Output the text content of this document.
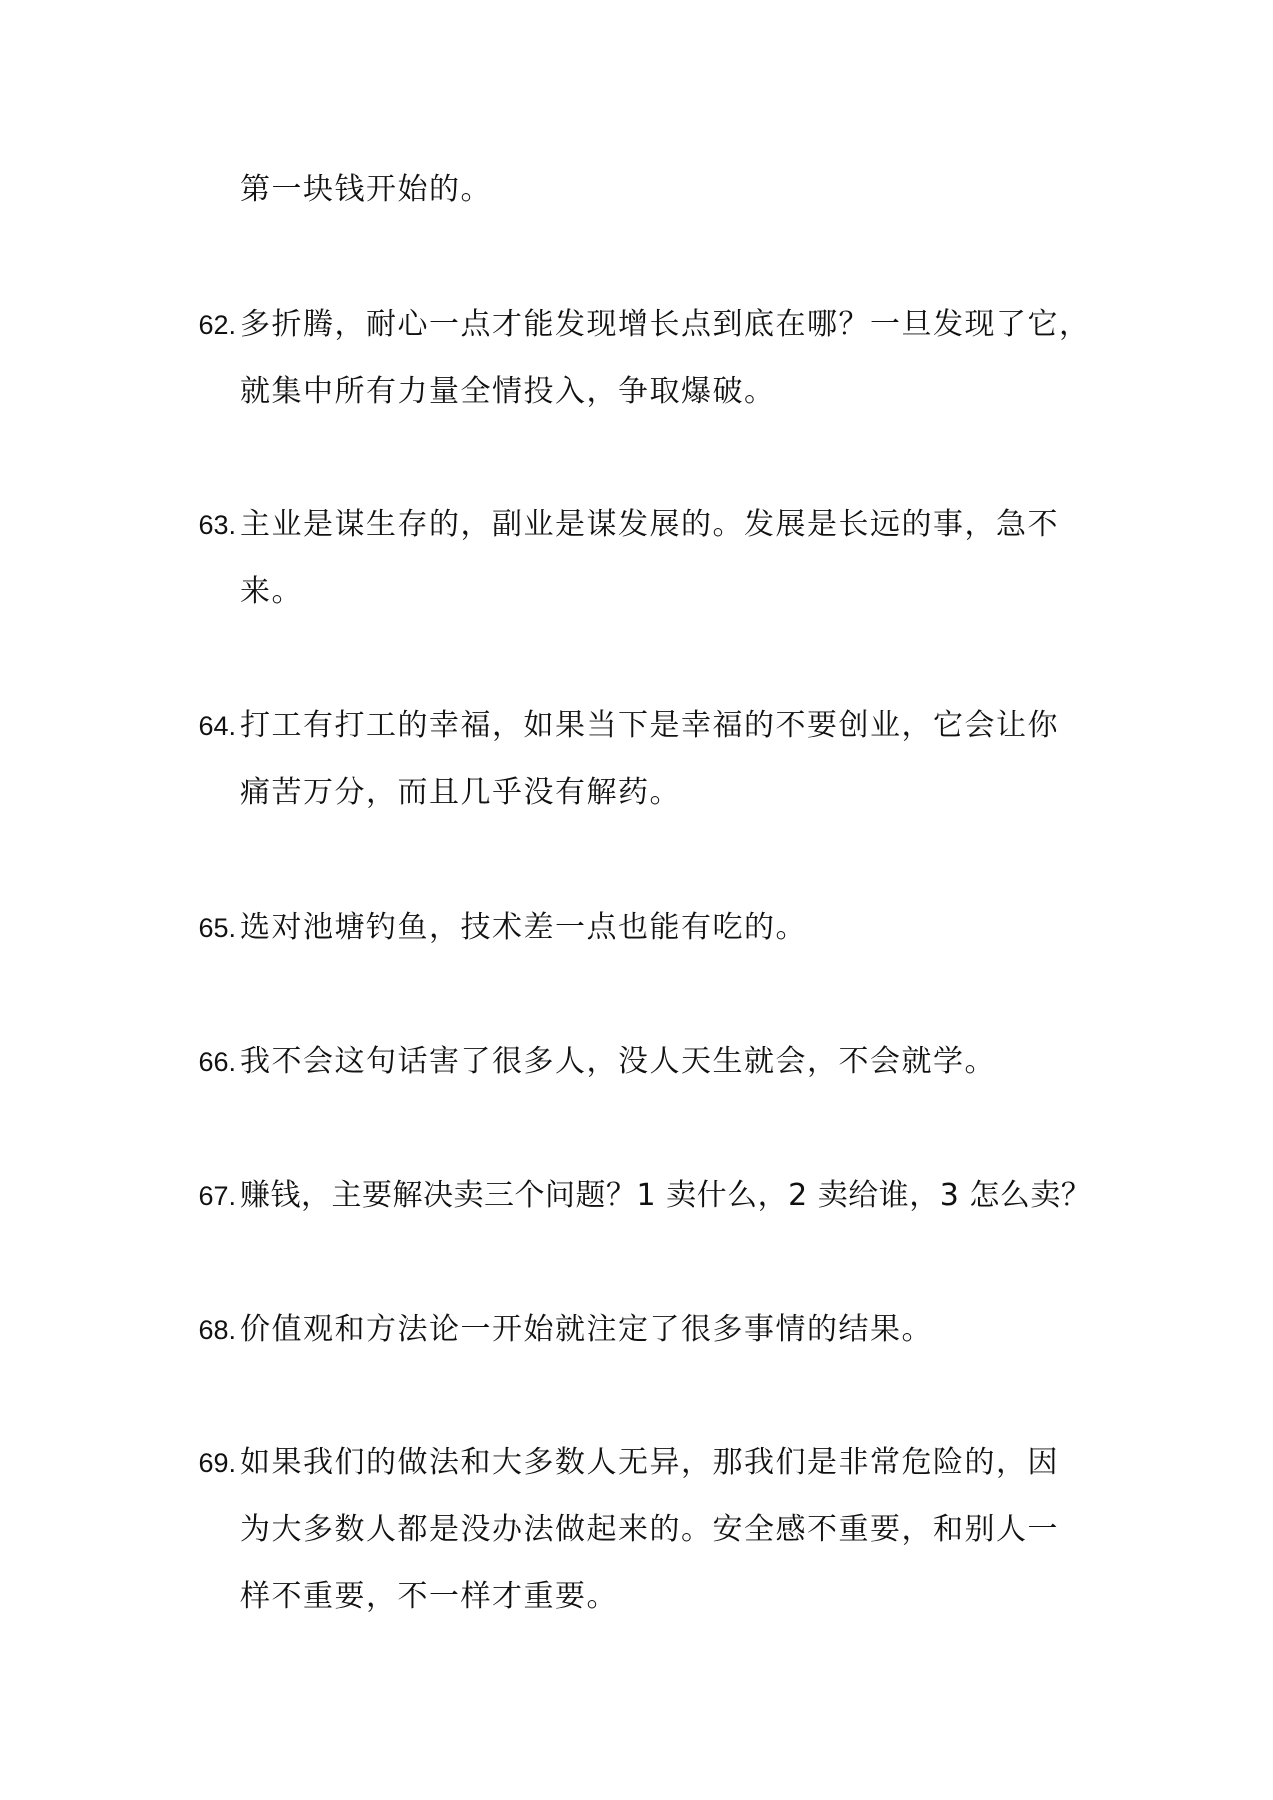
第一块钱开始的。
62. 多折腾，耐心一点才能发现增长点到底在哪？一旦发现了它，
就集中所有力量全情投入，争取爆破。
63. 主业是谋生存的，副业是谋发展的。发展是长远的事，急不
来。
64. 打工有打工的幸福，如果当下是幸福的不要创业，它会让你
痛苦万分，而且几乎没有解药。
65. 选对池塘钓鱼，技术差一点也能有吃的。
66. 我不会这句话害了很多人，没人天生就会，不会就学。
67. 赚钱，主要解决卖三个问题？1 卖什么，2 卖给谁，3 怎么卖？
68. 价值观和方法论一开始就注定了很多事情的结果。
69. 如果我们的做法和大多数人无异，那我们是非常危险的，因
为大多数人都是没办法做起来的。安全感不重要，和别人一
样不重要，不一样才重要。
